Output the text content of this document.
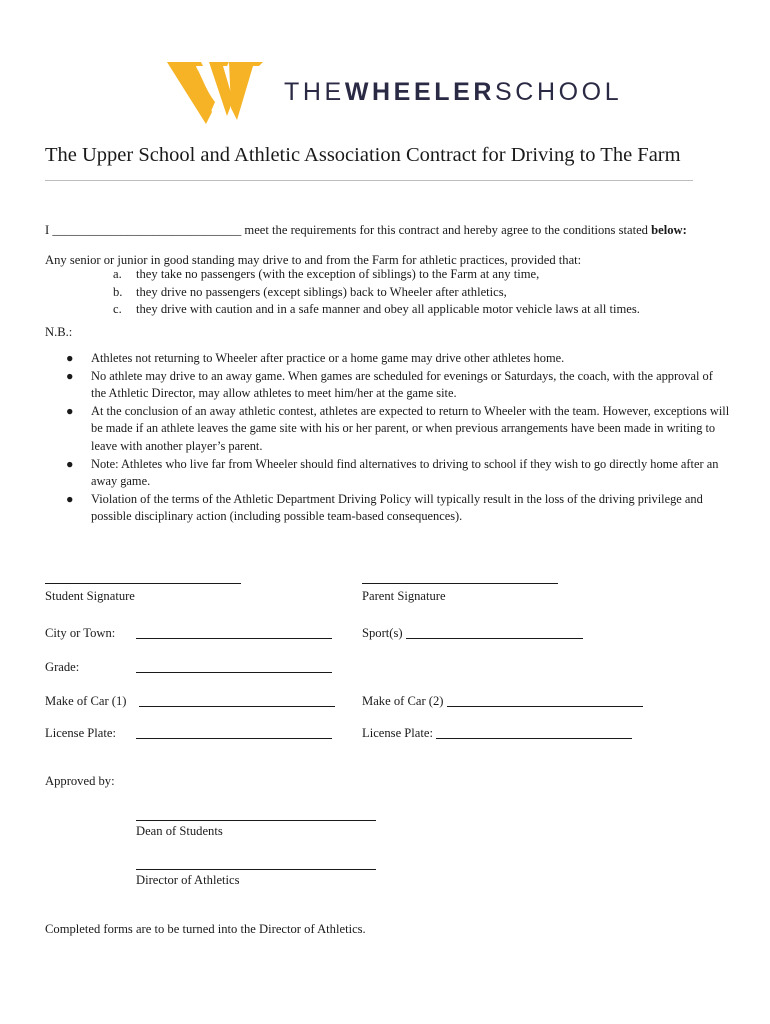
THEWHEELERSCHOOL
The Upper School and Athletic Association Contract for Driving to The Farm
I ______________________________ meet the requirements for this contract and hereby agree to the conditions stated below:
Any senior or junior in good standing may drive to and from the Farm for athletic practices, provided that:
a. they take no passengers (with the exception of siblings) to the Farm at any time,
b. they drive no passengers (except siblings) back to Wheeler after athletics,
c. they drive with caution and in a safe manner and obey all applicable motor vehicle laws at all times.
N.B.:
● Athletes not returning to Wheeler after practice or a home game may drive other athletes home.
● No athlete may drive to an away game. When games are scheduled for evenings or Saturdays, the coach, with the approval of the Athletic Director, may allow athletes to meet him/her at the game site.
● At the conclusion of an away athletic contest, athletes are expected to return to Wheeler with the team. However, exceptions will be made if an athlete leaves the game site with his or her parent, or when previous arrangements have been made in writing to leave with another player’s parent.
● Note: Athletes who live far from Wheeler should find alternatives to driving to school if they wish to go directly home after an away game.
● Violation of the terms of the Athletic Department Driving Policy will typically result in the loss of the driving privilege and possible disciplinary action (including possible team-based consequences).
Student Signature	Parent Signature
City or Town:	Sport(s)
Grade:
Make of Car (1)	Make of Car (2)
License Plate:	License Plate:
Approved by:
Dean of Students
Director of Athletics
Completed forms are to be turned into the Director of Athletics.
